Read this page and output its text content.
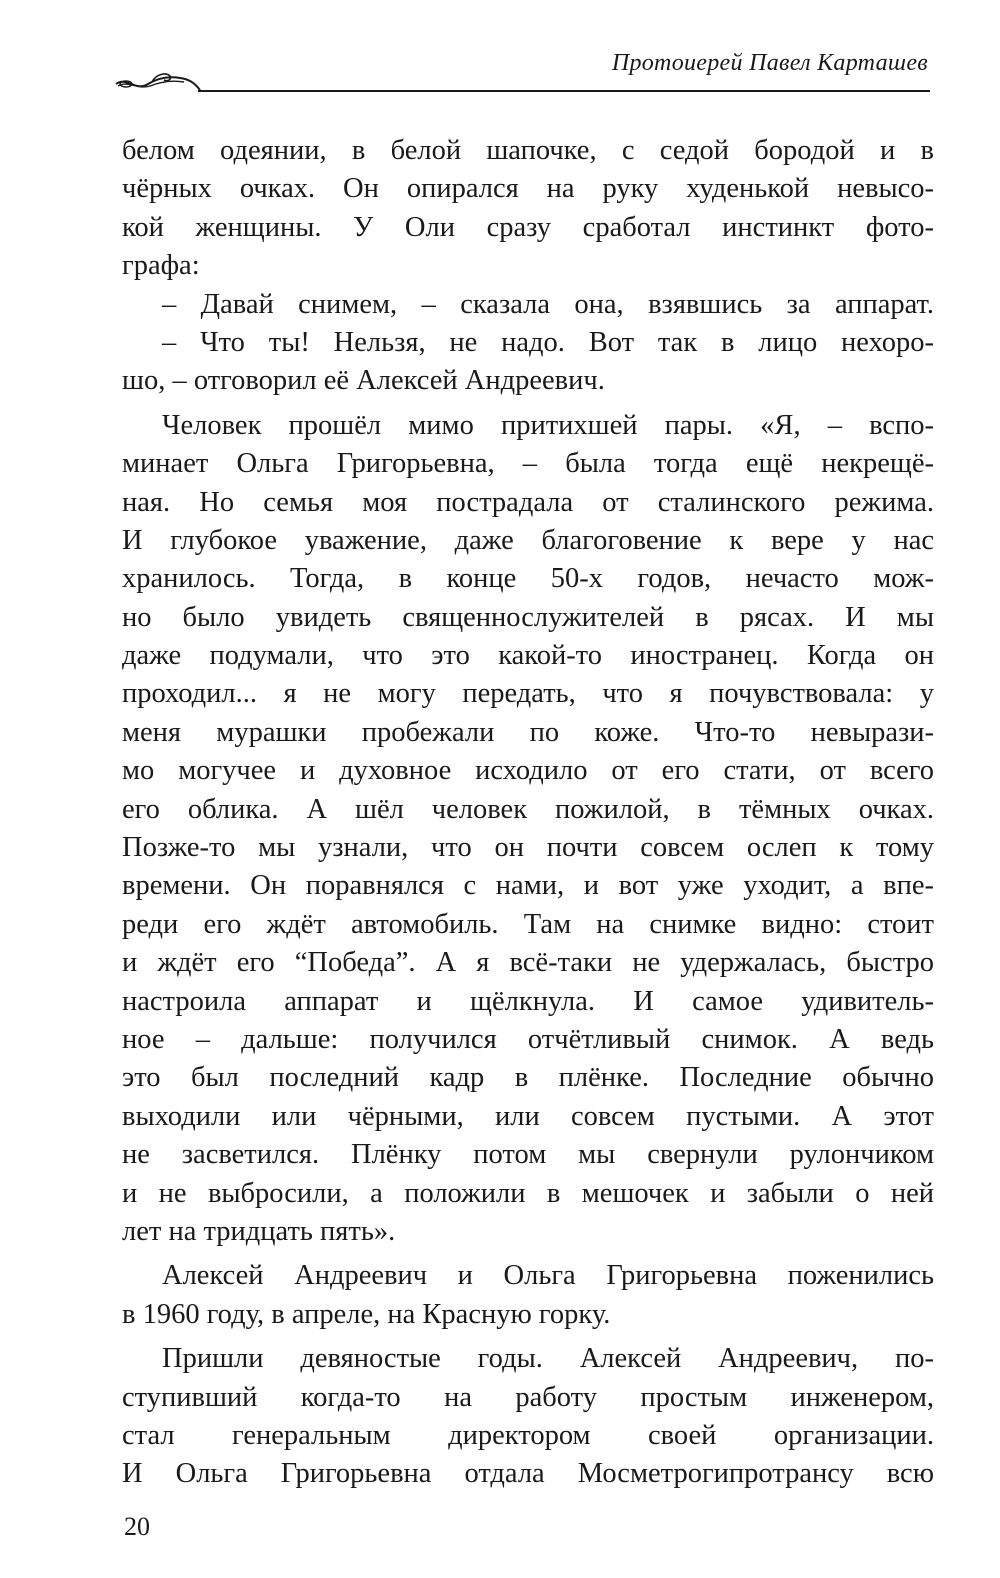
Протоиерей Павел Карташев
белом одеянии, в белой шапочке, с седой бородой и в
чёрных очках. Он опирался на руку худенькой невысо-
кой женщины. У Оли сразу сработал инстинкт фото-
графа:
– Давай снимем, – сказала она, взявшись за аппарат.
– Что ты! Нельзя, не надо. Вот так в лицо нехоро-
шо, – отговорил её Алексей Андреевич.
Человек прошёл мимо притихшей пары. «Я, – вспо-
минает Ольга Григорьевна, – была тогда ещё некрещё-
ная. Но семья моя пострадала от сталинского режима.
И глубокое уважение, даже благоговение к вере у нас
хранилось. Тогда, в конце 50-х годов, нечасто мож-
но было увидеть священнослужителей в рясах. И мы
даже подумали, что это какой-то иностранец. Когда он
проходил... я не могу передать, что я почувствовала: у
меня мурашки пробежали по коже. Что-то невырази-
мо могучее и духовное исходило от его стати, от всего
его облика. А шёл человек пожилой, в тёмных очках.
Позже-то мы узнали, что он почти совсем ослеп к тому
времени. Он поравнялся с нами, и вот уже уходит, а впе-
реди его ждёт автомобиль. Там на снимке видно: стоит
и ждёт его “Победа”. А я всё-таки не удержалась, быстро
настроила аппарат и щёлкнула. И самое удивитель-
ное – дальше: получился отчётливый снимок. А ведь
это был последний кадр в плёнке. Последние обычно
выходили или чёрными, или совсем пустыми. А этот
не засветился. Плёнку потом мы свернули рулончиком
и не выбросили, а положили в мешочек и забыли о ней
лет на тридцать пять».
Алексей Андреевич и Ольга Григорьевна поженились
в 1960 году, в апреле, на Красную горку.
Пришли девяностые годы. Алексей Андреевич, по-
ступивший когда-то на работу простым инженером,
стал генеральным директором своей организации.
И Ольга Григорьевна отдала Мосметрогипротрансу всю
20
